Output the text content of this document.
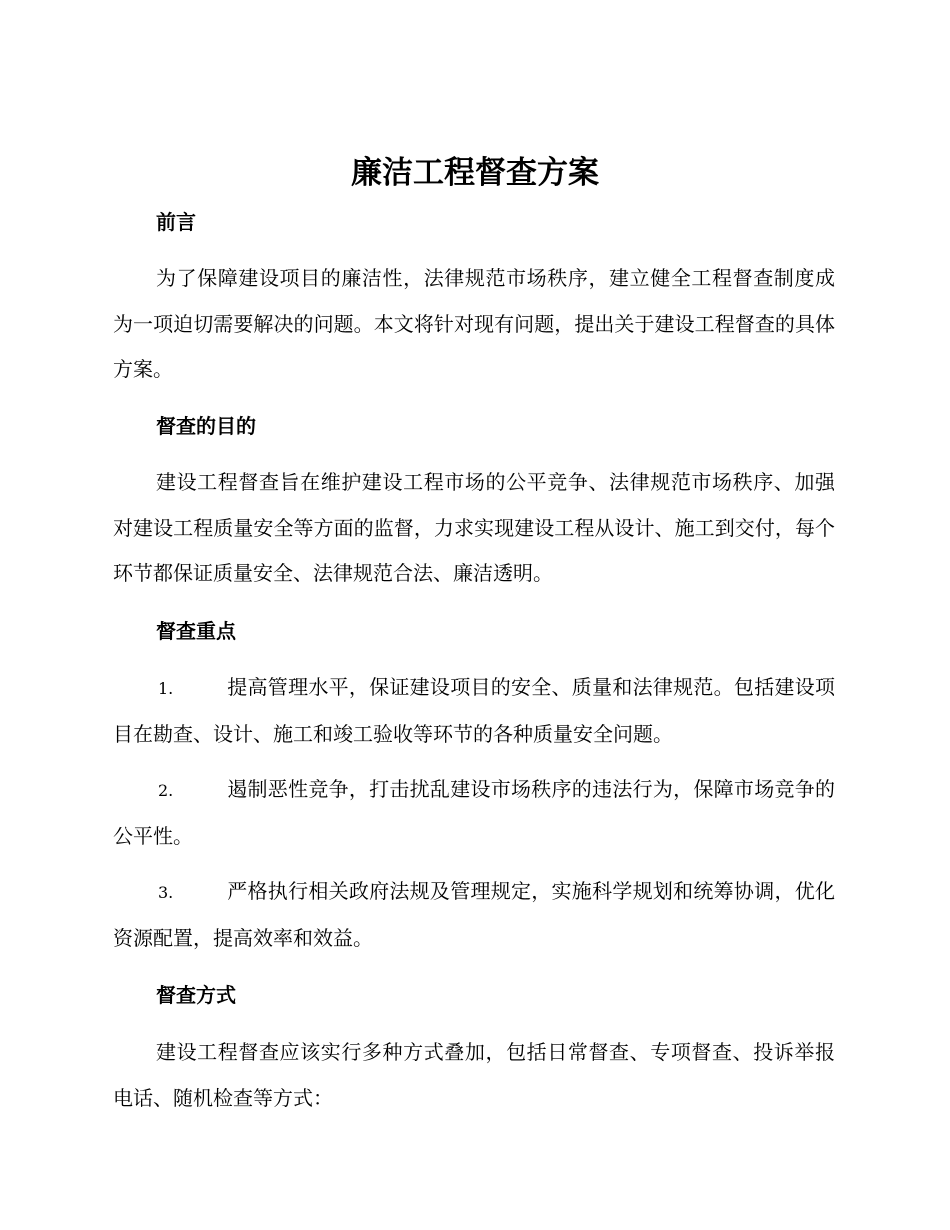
廉洁工程督查方案
前言
为了保障建设项目的廉洁性，法律规范市场秩序，建立健全工程督查制度成为一项迫切需要解决的问题。本文将针对现有问题，提出关于建设工程督查的具体方案。
督查的目的
建设工程督查旨在维护建设工程市场的公平竞争、法律规范市场秩序、加强对建设工程质量安全等方面的监督，力求实现建设工程从设计、施工到交付，每个环节都保证质量安全、法律规范合法、廉洁透明。
督查重点
1.	提高管理水平，保证建设项目的安全、质量和法律规范。包括建设项目在勘查、设计、施工和竣工验收等环节的各种质量安全问题。
2.	遏制恶性竞争，打击扰乱建设市场秩序的违法行为，保障市场竞争的公平性。
3.	严格执行相关政府法规及管理规定，实施科学规划和统筹协调，优化资源配置，提高效率和效益。
督查方式
建设工程督查应该实行多种方式叠加，包括日常督查、专项督查、投诉举报电话、随机检查等方式：
